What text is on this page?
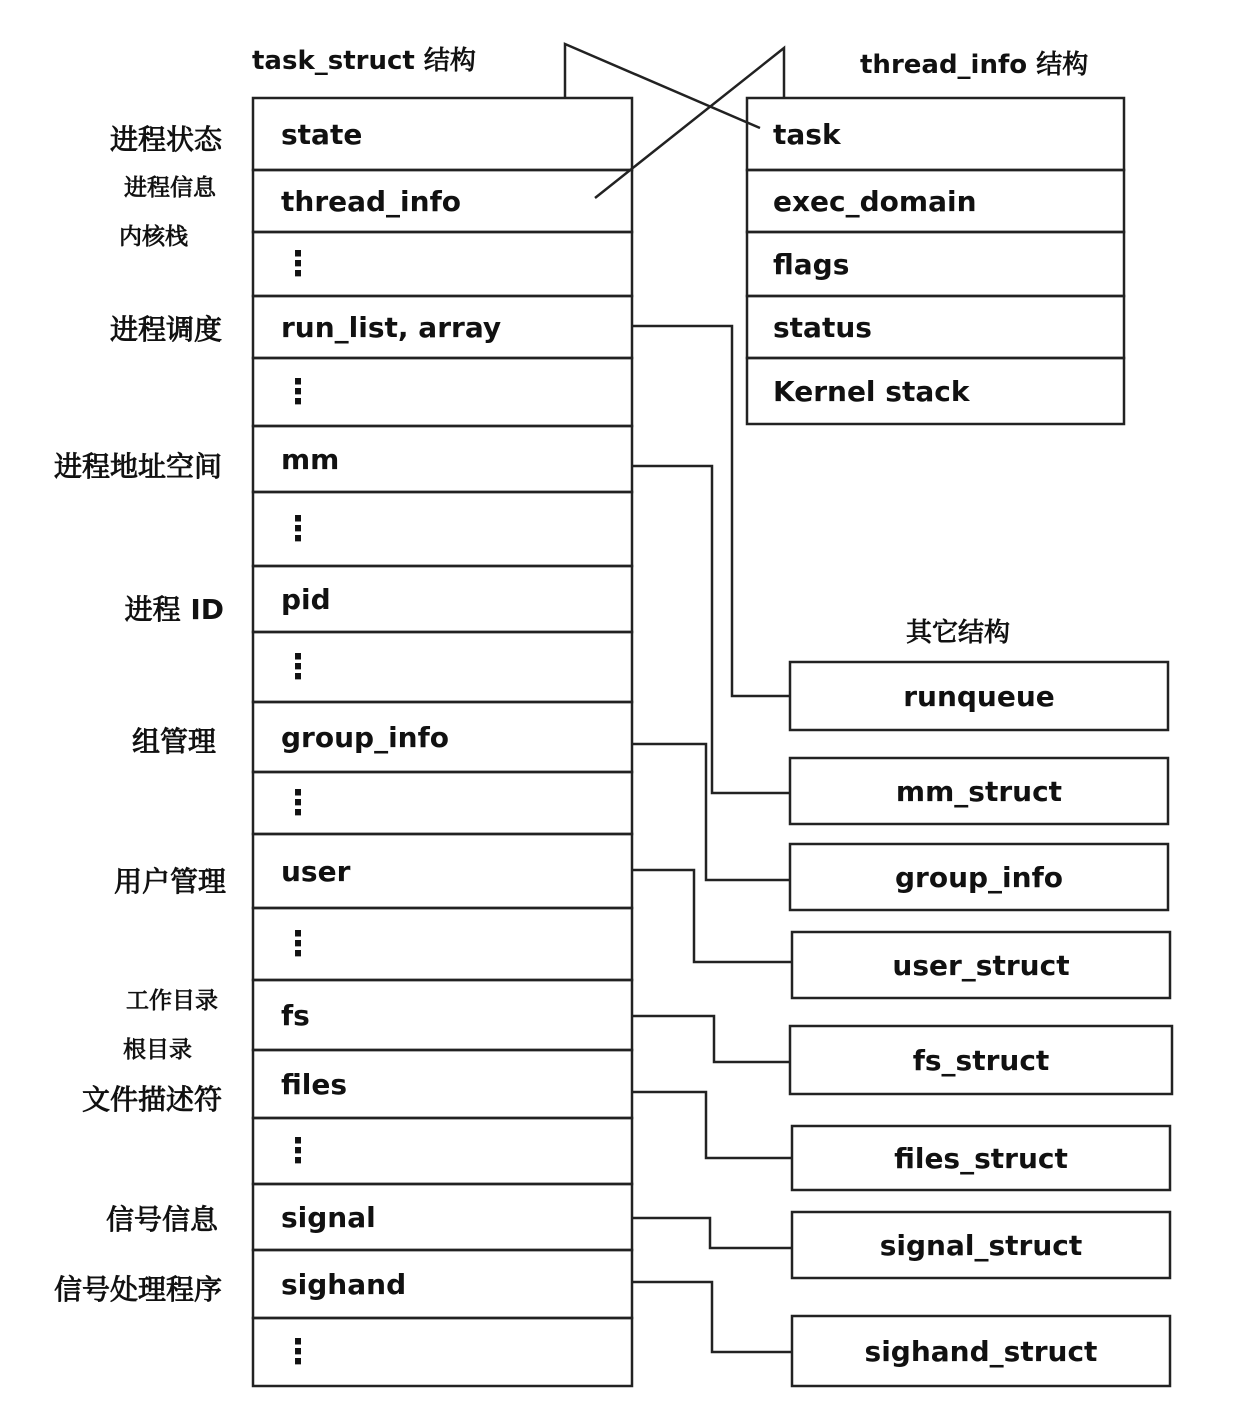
task_struct 结构	thread_info 结构
其它结构
state
thread_info
⋮
run_list, array
⋮
mm
⋮
pid
⋮
group_info
⋮
user
⋮
fs
files
⋮
signal
sighand
⋮
进程状态
进程信息
内核栈
进程调度
进程地址空间
进程 ID
组管理
用户管理
工作目录
根目录
文件描述符
信号信息
信号处理程序
task
exec_domain
flags
status
Kernel stack
runqueue
mm_struct
group_info
user_struct
fs_struct
files_struct
signal_struct
sighand_struct
